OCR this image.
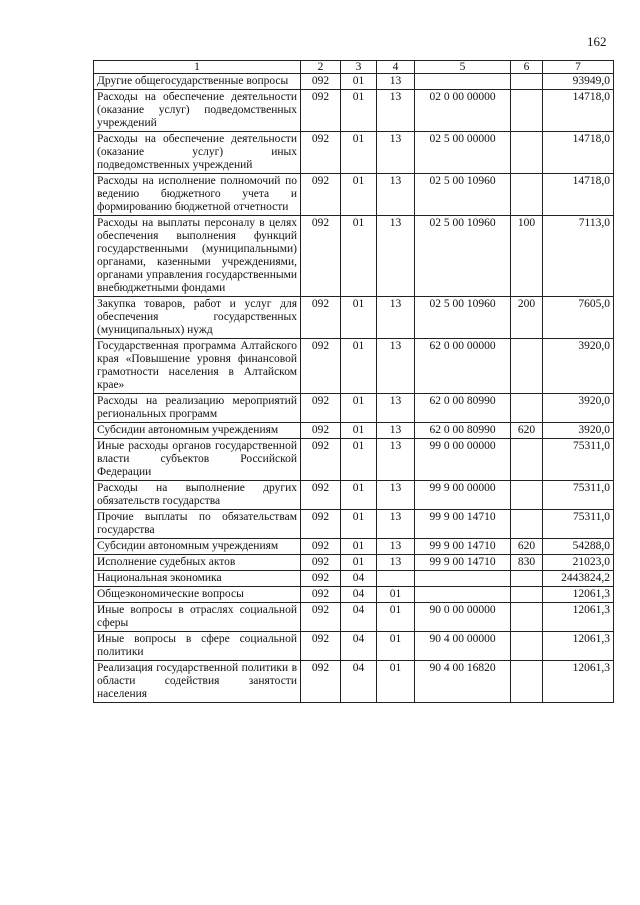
162
1	2	3	4	5	6	7
Другие общегосударственные вопросы	092	01	13			93949,0
Расходы на обеспечение деятельности (оказание услуг) подведомственных учреждений	092	01	13	02 0 00 00000		14718,0
Расходы на обеспечение деятельности (оказание услуг) иных подведомственных учреждений	092	01	13	02 5 00 00000		14718,0
Расходы на исполнение полномочий по ведению бюджетного учета и формированию бюджетной отчетности	092	01	13	02 5 00 10960		14718,0
Расходы на выплаты персоналу в целях обеспечения выполнения функций государственными (муниципальными) органами, казенными учреждениями, органами управления государственными внебюджетными фондами	092	01	13	02 5 00 10960	100	7113,0
Закупка товаров, работ и услуг для обеспечения государственных (муниципальных) нужд	092	01	13	02 5 00 10960	200	7605,0
Государственная программа Алтайского края «Повышение уровня финансовой грамотности населения в Алтайском крае»	092	01	13	62 0 00 00000		3920,0
Расходы на реализацию мероприятий региональных программ	092	01	13	62 0 00 80990		3920,0
Субсидии автономным учреждениям	092	01	13	62 0 00 80990	620	3920,0
Иные расходы органов государственной власти субъектов Российской Федерации	092	01	13	99 0 00 00000		75311,0
Расходы на выполнение других обязательств государства	092	01	13	99 9 00 00000		75311,0
Прочие выплаты по обязательствам государства	092	01	13	99 9 00 14710		75311,0
Субсидии автономным учреждениям	092	01	13	99 9 00 14710	620	54288,0
Исполнение судебных актов	092	01	13	99 9 00 14710	830	21023,0
Национальная экономика	092	04				2443824,2
Общеэкономические вопросы	092	04	01			12061,3
Иные вопросы в отраслях социальной сферы	092	04	01	90 0 00 00000		12061,3
Иные вопросы в сфере социальной политики	092	04	01	90 4 00 00000		12061,3
Реализация государственной политики в области содействия занятости населения	092	04	01	90 4 00 16820		12061,3
